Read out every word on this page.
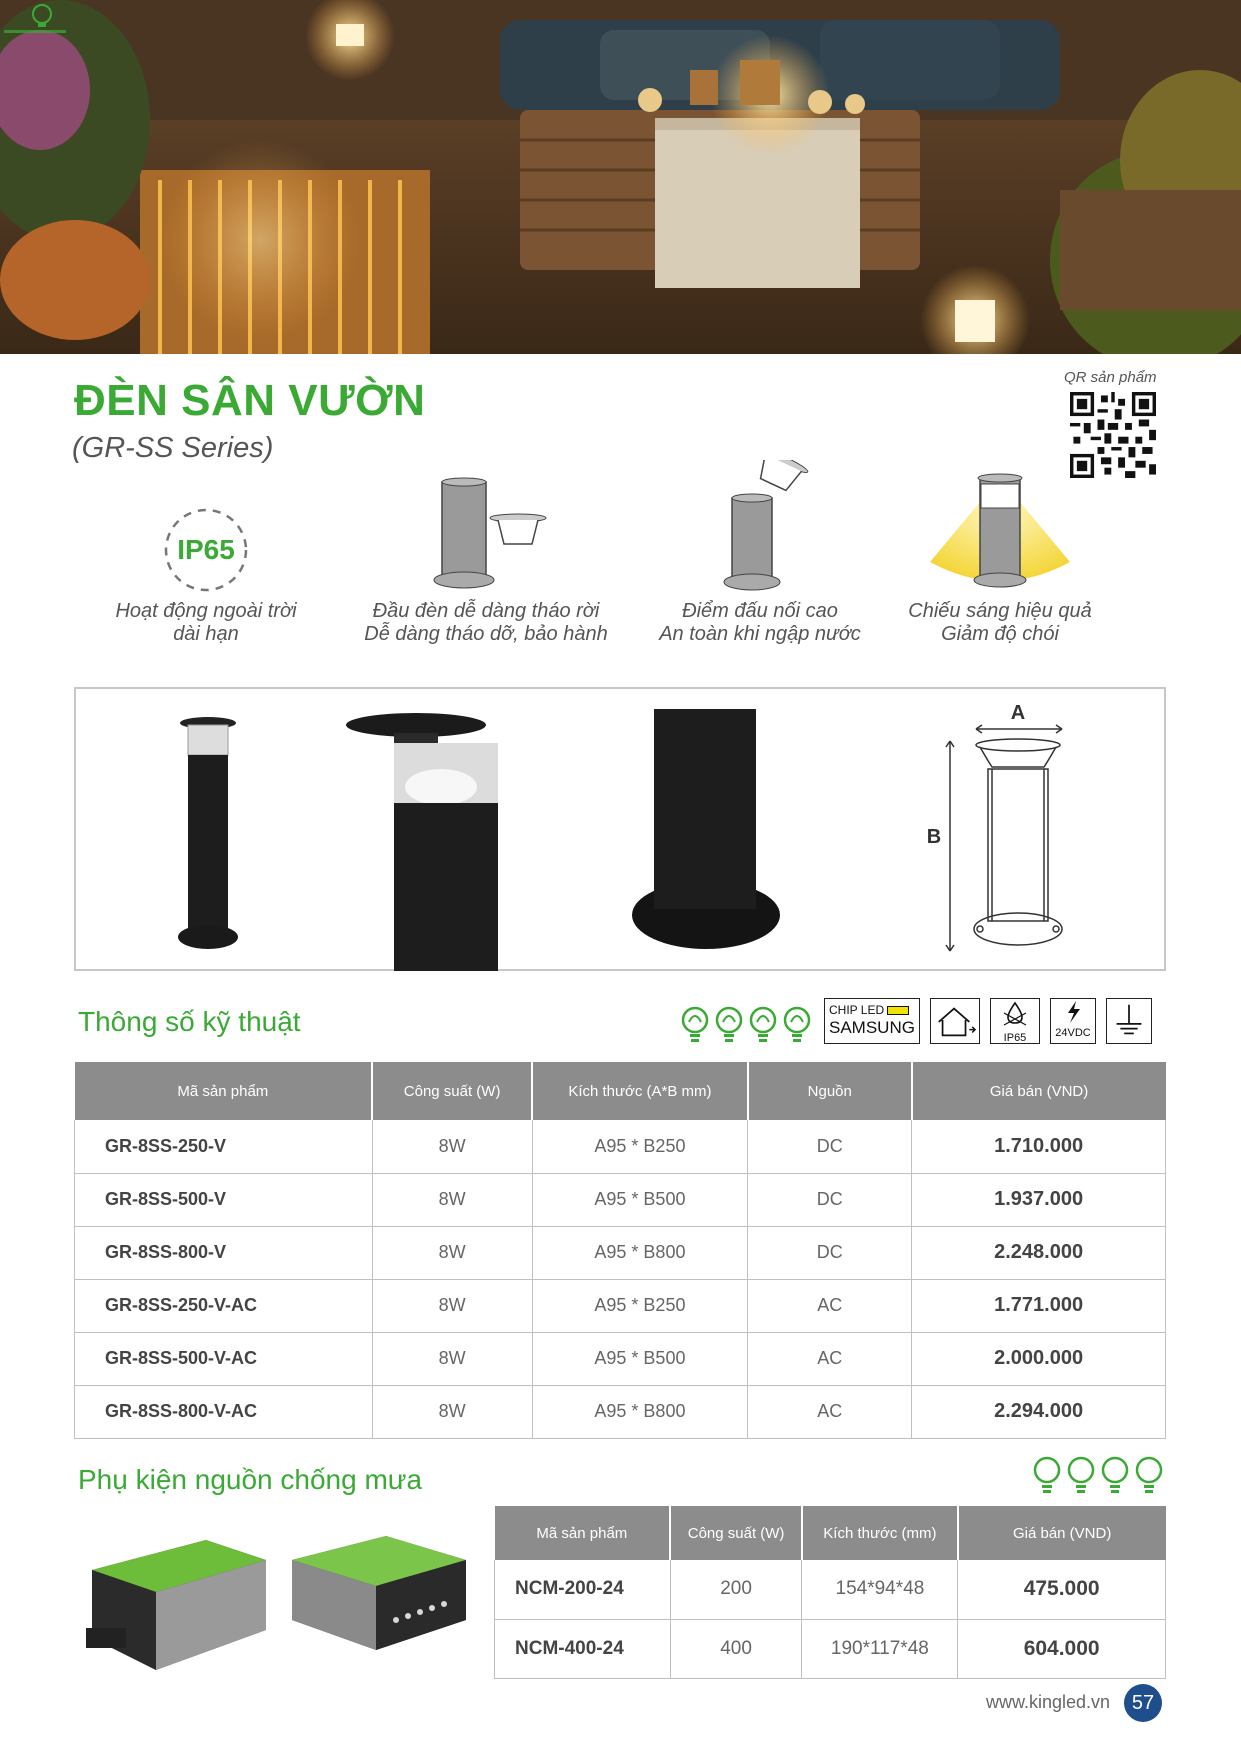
ĐÈN SÂN VƯỜN
(GR-SS Series)
QR sản phẩm
IP65
Hoạt động ngoài trời
dài hạn
Đầu đèn dễ dàng tháo rời
Dễ dàng tháo dỡ, bảo hành
Điểm đấu nối cao
An toàn khi ngập nước
Chiếu sáng hiệu quả
Giảm độ chói
A
B
Thông số kỹ thuật	CHIP LED
SAMSUNG
IP65	24VDC
Mã sản phẩm	Công suất (W)	Kích thước (A*B mm)	Nguồn	Giá bán (VND)
GR-8SS-250-V	8W	A95 * B250	DC	1.710.000
GR-8SS-500-V	8W	A95 * B500	DC	1.937.000
GR-8SS-800-V	8W	A95 * B800	DC	2.248.000
GR-8SS-250-V-AC	8W	A95 * B250	AC	1.771.000
GR-8SS-500-V-AC	8W	A95 * B500	AC	2.000.000
GR-8SS-800-V-AC	8W	A95 * B800	AC	2.294.000
Phụ kiện nguồn chống mưa
Mã sản phẩm	Công suất (W)	Kích thước (mm)	Giá bán (VND)
NCM-200-24	200	154*94*48	475.000
NCM-400-24	400	190*117*48	604.000
www.kingled.vn	57
